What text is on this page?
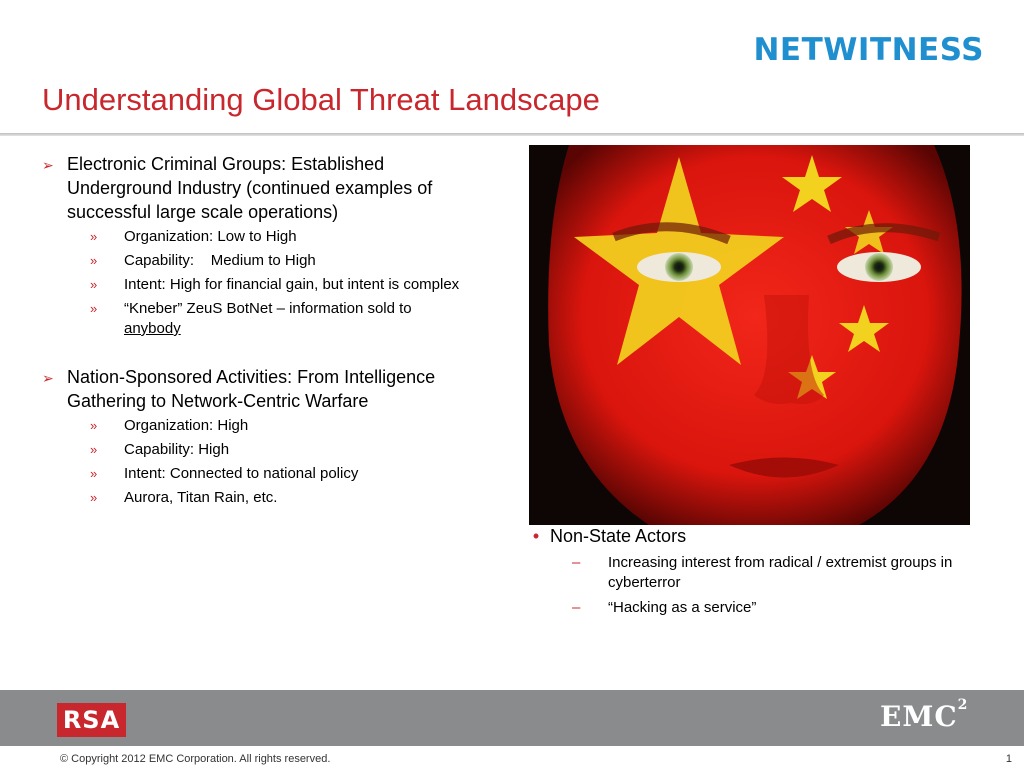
NETWITNESS
Understanding Global Threat Landscape
➢ Electronic Criminal Groups: Established Underground Industry (continued examples of successful large scale operations)
»	Organization: Low to High
»	Capability:    Medium to High
»	Intent: High for financial gain, but intent is complex
»	“Kneber” ZeuS BotNet – information sold to
anybody
➢ Nation-Sponsored Activities: From Intelligence Gathering to Network-Centric Warfare
»	Organization: High
»	Capability: High
»	Intent: Connected to national policy
»	Aurora, Titan Rain, etc.
• Non-State Actors
–	Increasing interest from radical / extremist groups in cyberterror
–	“Hacking as a service”
RSA	EMC$^2$
© Copyright 2012 EMC Corporation. All rights reserved.	1
